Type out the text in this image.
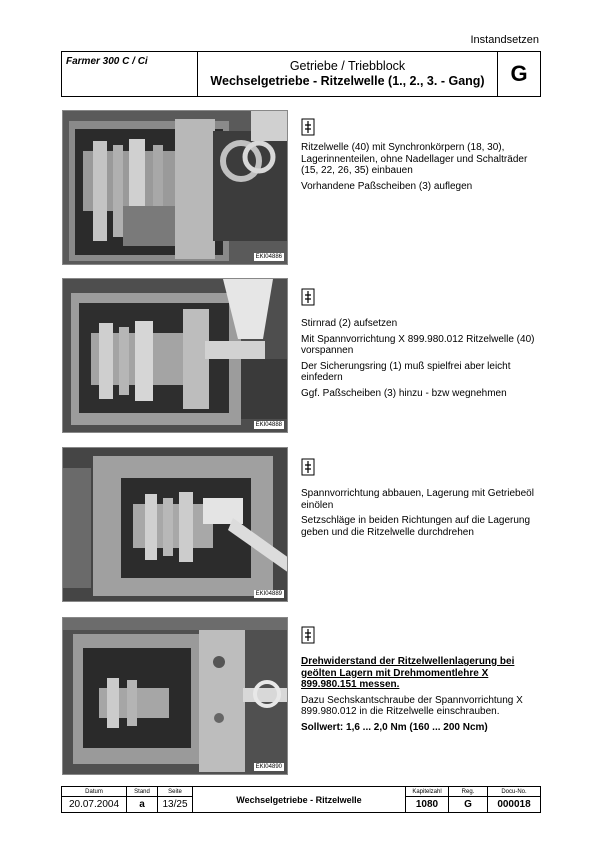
Instandsetzen
Farmer 300 C / Ci	Getriebe / Triebblock
Wechselgetriebe - Ritzelwelle (1., 2., 3. - Gang)	G
EKI04886

Ritzelwelle (40) mit Synchronkörpern (18, 30), Lagerinnenteilen, ohne Nadellager und Schalträder (15, 22, 26, 35) einbauen

Vorhandene Paßscheiben (3) auflegen

EKI04888

Stirnrad (2) aufsetzen

Mit Spannvorrichtung X 899.980.012 Ritzelwelle (40) vorspannen

Der Sicherungsring (1) muß spielfrei aber leicht einfedern

Ggf. Paßscheiben (3) hinzu - bzw wegnehmen

EKI04889

Spannvorrichtung abbauen, Lagerung mit Getriebeöl einölen

Setzschläge in beiden Richtungen auf die Lagerung geben und die Ritzelwelle durchdrehen

EKI04890

Drehwiderstand der Ritzelwellenlagerung bei geölten Lagern mit Drehmomentlehre X 899.980.151 messen.

Dazu Sechskantschraube der Spannvorrichtung X 899.980.012 in die Ritzelwelle einschrauben.

Sollwert: 1,6 ... 2,0 Nm (160 ... 200 Ncm)

Datum	Stand	Seite	Wechselgetriebe - Ritzelwelle	Kapitelzahl	Reg.	Docu-No.
20.07.2004	a	13/25		1080	G	000018
